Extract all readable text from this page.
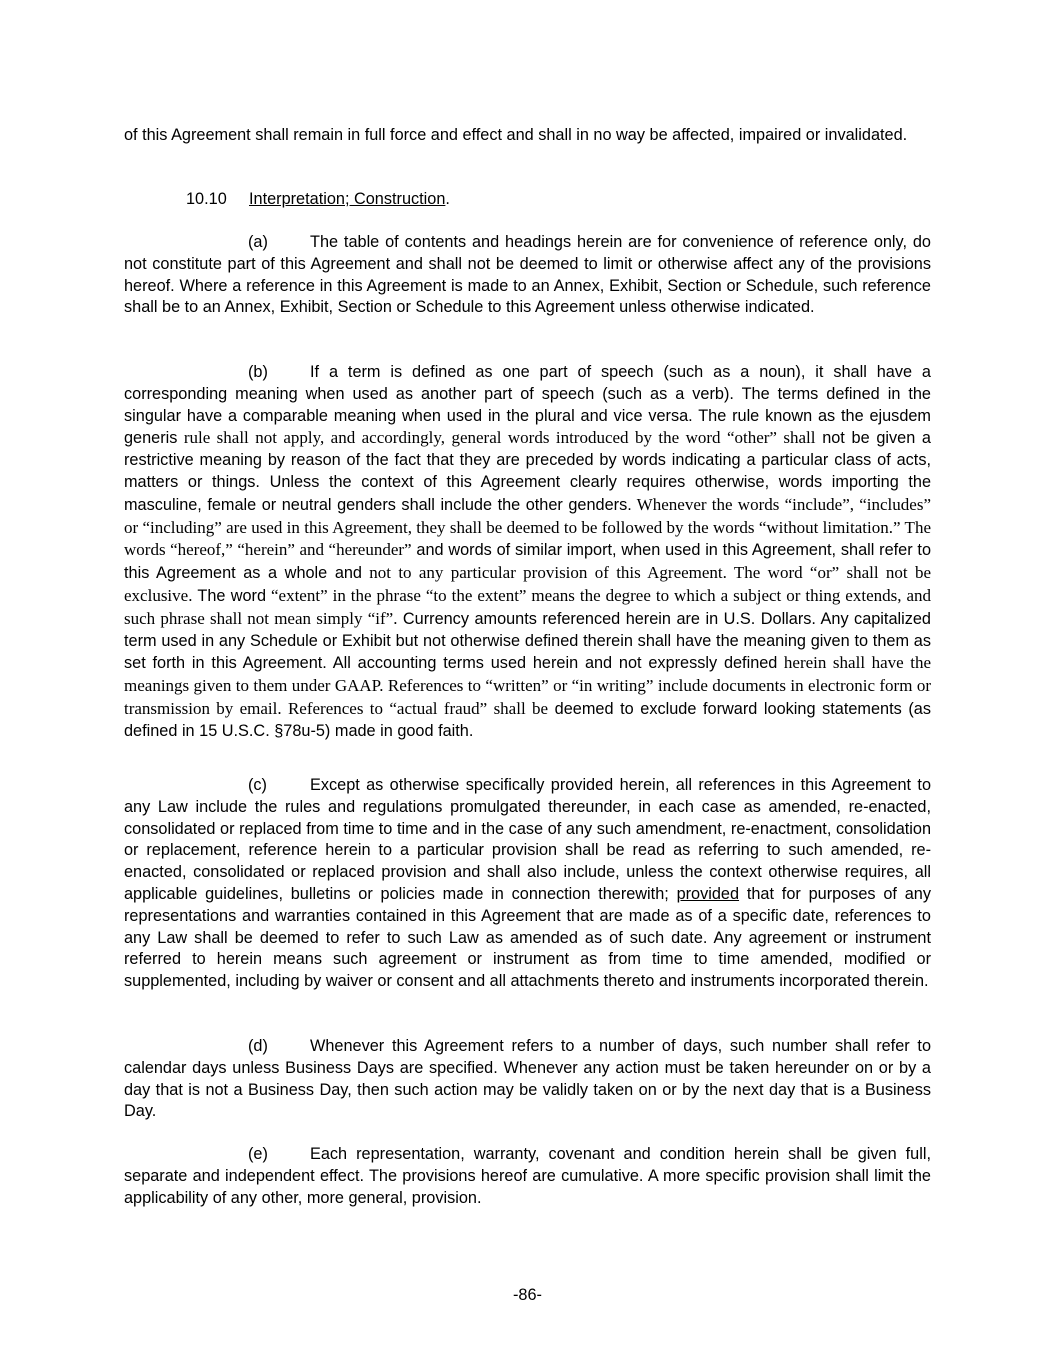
of this Agreement shall remain in full force and effect and shall in no way be affected, impaired or invalidated.

10.10 Interpretation; Construction.

(a)	The table of contents and headings herein are for convenience of reference only, do not constitute part of this Agreement and shall not be deemed to limit or otherwise affect any of the provisions hereof. Where a reference in this Agreement is made to an Annex, Exhibit, Section or Schedule, such reference shall be to an Annex, Exhibit, Section or Schedule to this Agreement unless otherwise indicated.

(b)	If a term is defined as one part of speech (such as a noun), it shall have a corresponding meaning when used as another part of speech (such as a verb). The terms defined in the singular have a comparable meaning when used in the plural and vice versa. The rule known as the ejusdem generis rule shall not apply, and accordingly, general words introduced by the word “other” shall not be given a restrictive meaning by reason of the fact that they are preceded by words indicating a particular class of acts, matters or things. Unless the context of this Agreement clearly requires otherwise, words importing the masculine, female or neutral genders shall include the other genders. Whenever the words “include”, “includes” or “including” are used in this Agreement, they shall be deemed to be followed by the words “without limitation.” The words “hereof,” “herein” and “hereunder” and words of similar import, when used in this Agreement, shall refer to this Agreement as a whole and not to any particular provision of this Agreement. The word “or” shall not be exclusive. The word “extent” in the phrase “to the extent” means the degree to which a subject or thing extends, and such phrase shall not mean simply “if”. Currency amounts referenced herein are in U.S. Dollars. Any capitalized term used in any Schedule or Exhibit but not otherwise defined therein shall have the meaning given to them as set forth in this Agreement. All accounting terms used herein and not expressly defined herein shall have the meanings given to them under GAAP. References to “written” or “in writing” include documents in electronic form or transmission by email. References to “actual fraud” shall be deemed to exclude forward looking statements (as defined in 15 U.S.C. §78u-5) made in good faith.

(c)	Except as otherwise specifically provided herein, all references in this Agreement to any Law include the rules and regulations promulgated thereunder, in each case as amended, re-enacted, consolidated or replaced from time to time and in the case of any such amendment, re-enactment, consolidation or replacement, reference herein to a particular provision shall be read as referring to such amended, re-enacted, consolidated or replaced provision and shall also include, unless the context otherwise requires, all applicable guidelines, bulletins or policies made in connection therewith; provided that for purposes of any representations and warranties contained in this Agreement that are made as of a specific date, references to any Law shall be deemed to refer to such Law as amended as of such date. Any agreement or instrument referred to herein means such agreement or instrument as from time to time amended, modified or supplemented, including by waiver or consent and all attachments thereto and instruments incorporated therein.

(d)	Whenever this Agreement refers to a number of days, such number shall refer to calendar days unless Business Days are specified. Whenever any action must be taken hereunder on or by a day that is not a Business Day, then such action may be validly taken on or by the next day that is a Business Day.

(e)	Each representation, warranty, covenant and condition herein shall be given full, separate and independent effect. The provisions hereof are cumulative. A more specific provision shall limit the applicability of any other, more general, provision.

-86-
